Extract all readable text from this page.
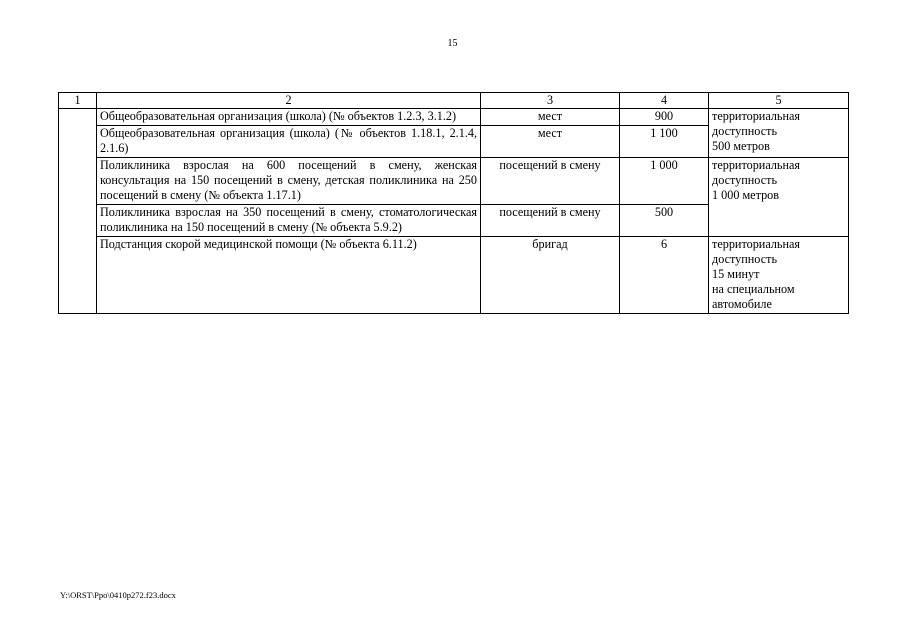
15
1	2	3	4	5
	Общеобразовательная организация (школа) (№ объектов 1.2.3, 3.1.2)	мест	900	территориальная
доступность
500 метров

	Общеобразовательная организация (школа) (№ объектов 1.18.1, 2.1.4, 2.1.6)	мест	1 100	
	Поликлиника взрослая на 600 посещений в смену, женская консультация на 150 посещений в смену, детская поликлиника на 250 посещений в смену (№ объекта 1.17.1)	посещений в смену	1 000	территориальная
доступность
1 000 метров

	Поликлиника взрослая на 350 посещений в смену, стоматологическая поликлиника на 150 посещений в смену (№ объекта 5.9.2)	посещений в смену	500	
	Подстанция скорой медицинской помощи (№ объекта 6.11.2)	бригад	6	территориальная
доступность
15 минут
на специальном
автомобиле
Y:\ORST\Ppo\0410p272.f23.docx
